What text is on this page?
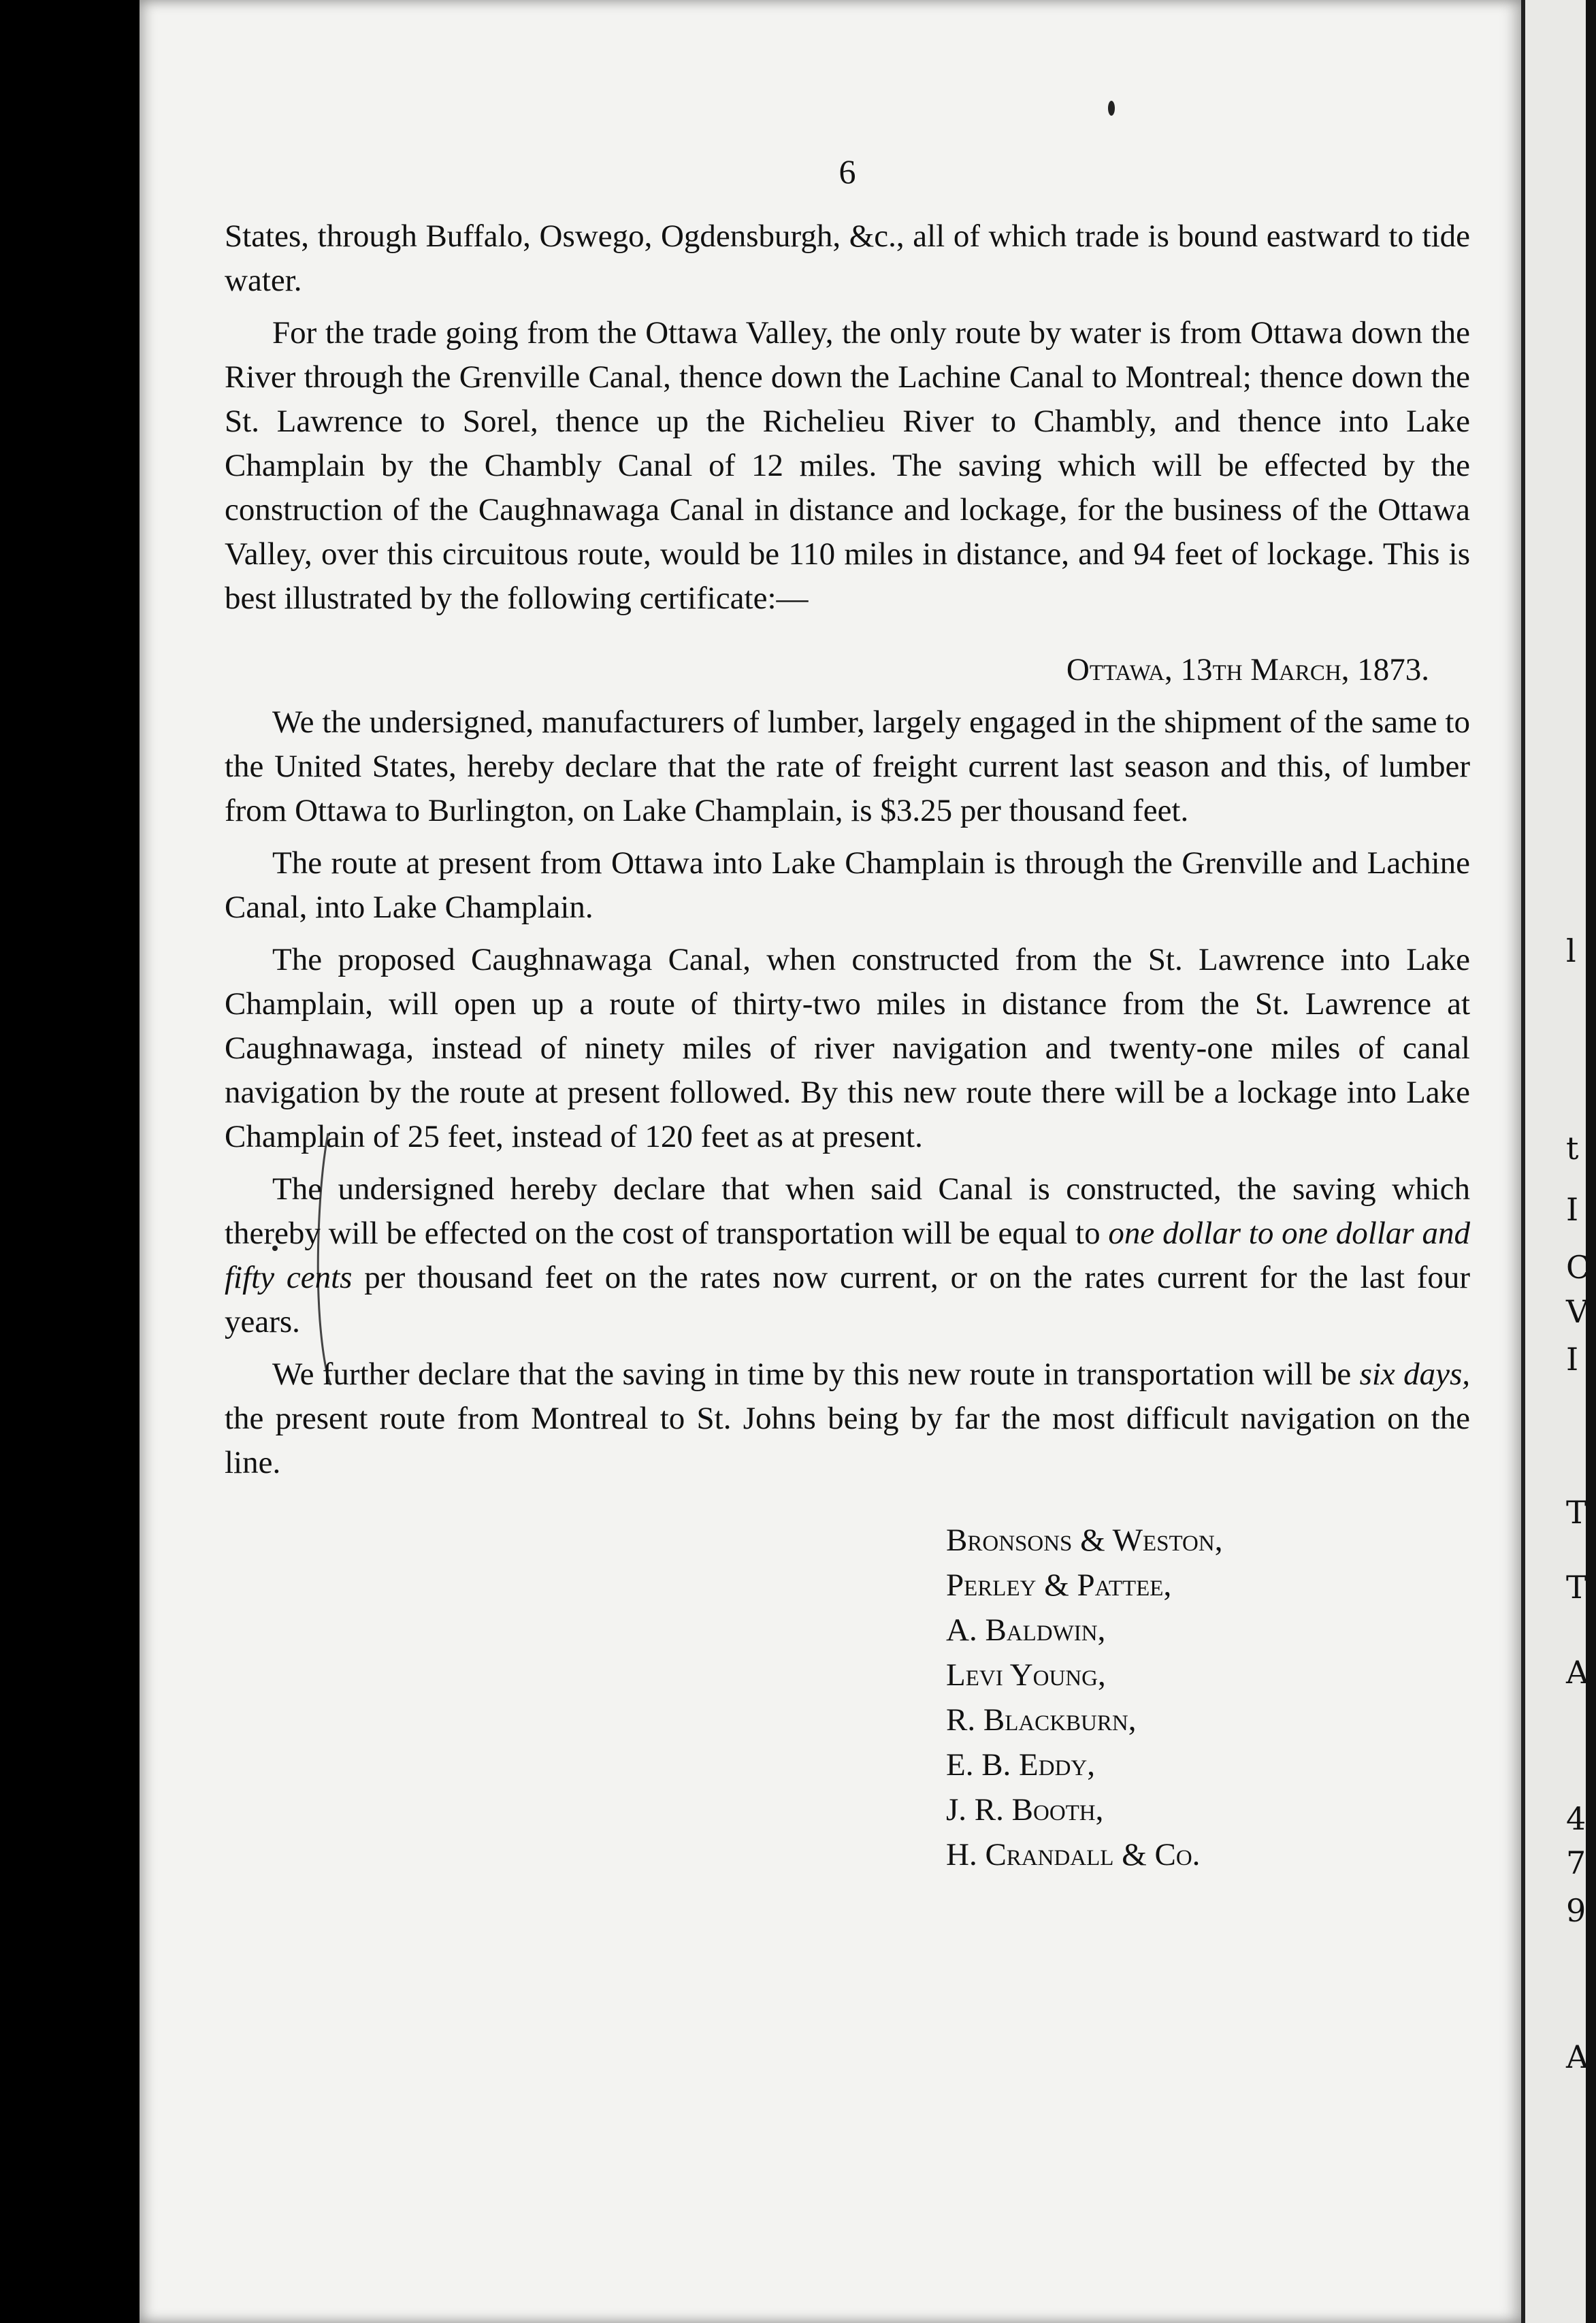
T
l
t
I
C
V
I
T
A
4
7,
9
A
6

States, through Buffalo, Oswego, Ogdensburgh, &c., all of which trade is bound eastward to tide water.

For the trade going from the Ottawa Valley, the only route by water is from Ottawa down the River through the Grenville Canal, thence down the Lachine Canal to Montreal; thence down the St. Lawrence to Sorel, thence up the Richelieu River to Chambly, and thence into Lake Champlain by the Chambly Canal of 12 miles. The saving which will be effected by the construction of the Caughnawaga Canal in distance and lockage, for the business of the Ottawa Valley, over this circuitous route, would be 110 miles in distance, and 94 feet of lockage. This is best illustrated by the following certificate:—

Ottawa, 13th March, 1873.

We the undersigned, manufacturers of lumber, largely engaged in the shipment of the same to the United States, hereby declare that the rate of freight current last season and this, of lumber from Ottawa to Burlington, on Lake Champlain, is $3.25 per thousand feet.

The route at present from Ottawa into Lake Champlain is through the Grenville and Lachine Canal, into Lake Champlain.

The proposed Caughnawaga Canal, when constructed from the St. Lawrence into Lake Champlain, will open up a route of thirty-two miles in distance from the St. Lawrence at Caughnawaga, instead of ninety miles of river navigation and twenty-one miles of canal navigation by the route at present followed. By this new route there will be a lockage into Lake Champlain of 25 feet, instead of 120 feet as at present.

The undersigned hereby declare that when said Canal is constructed, the saving which thereby will be effected on the cost of transportation will be equal to one dollar to one dollar and fifty cents per thousand feet on the rates now current, or on the rates current for the last four years.

We further declare that the saving in time by this new route in transportation will be six days, the present route from Montreal to St. Johns being by far the most difficult navigation on the line.

Bronsons & Weston,
Perley & Pattee,
A. Baldwin,
Levi Young,
R. Blackburn,
E. B. Eddy,
J. R. Booth,
H. Crandall & Co.
